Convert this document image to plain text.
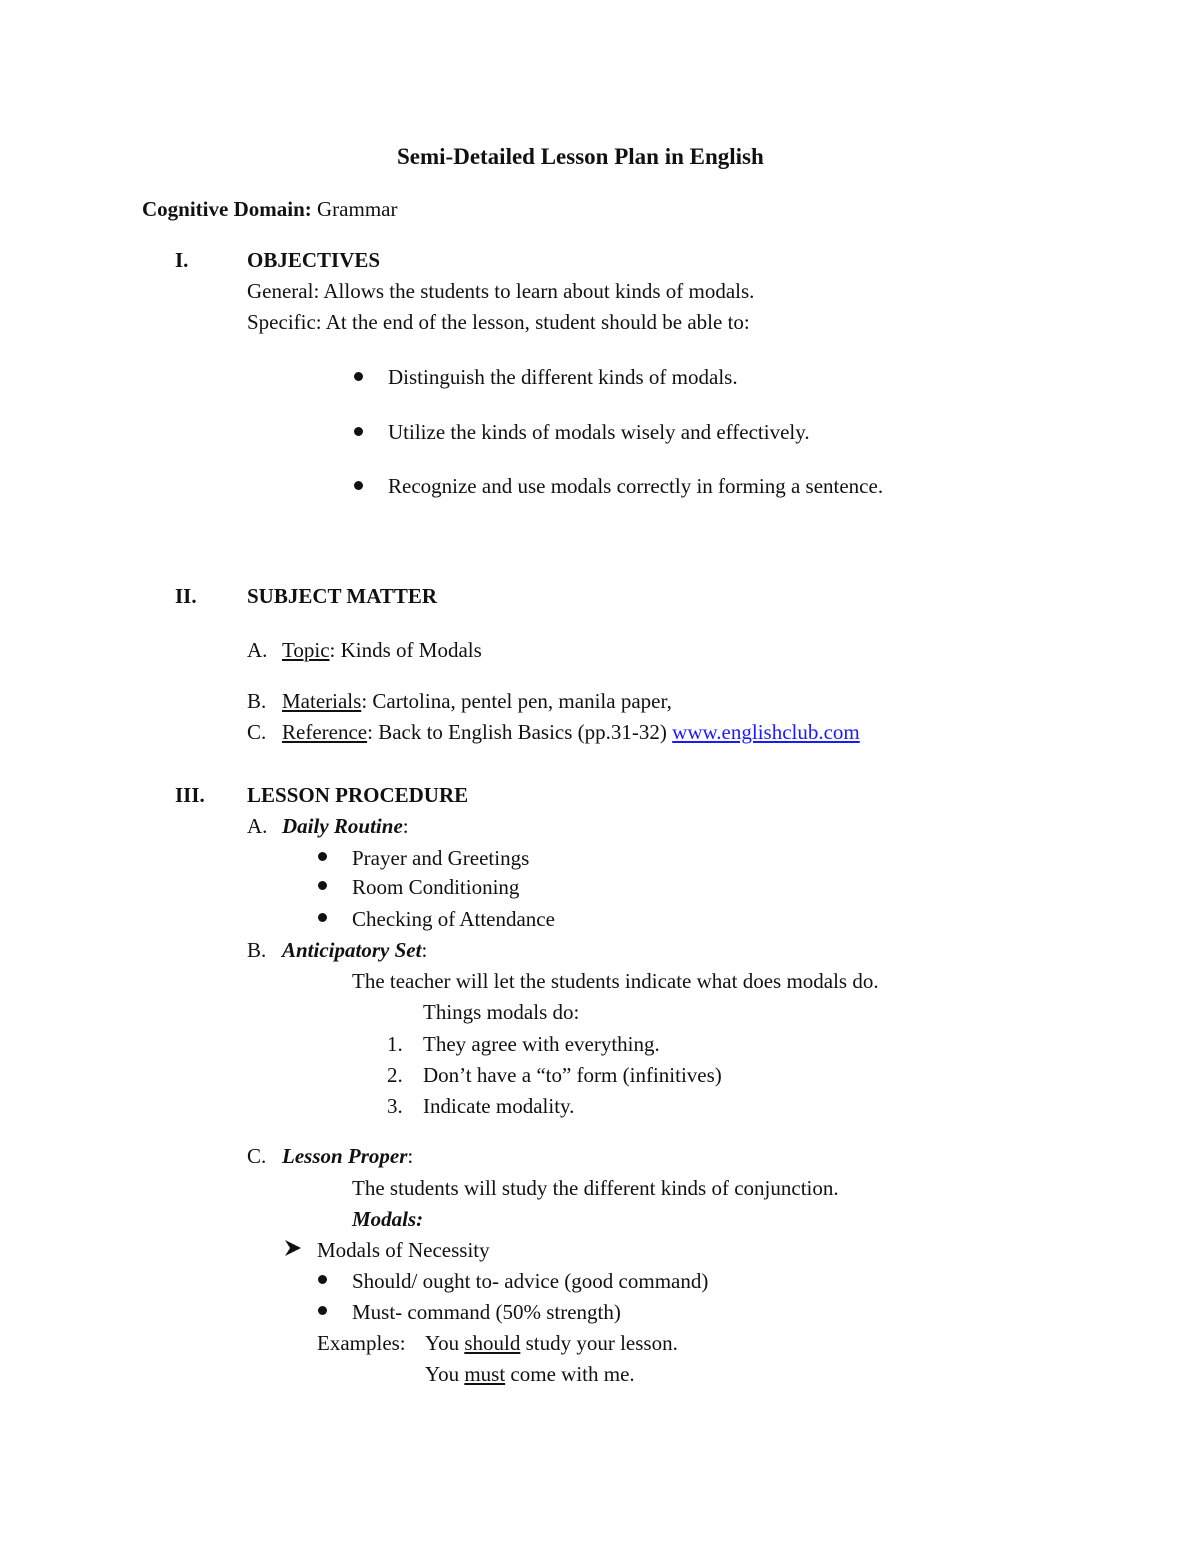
Semi-Detailed Lesson Plan in English
Cognitive Domain: Grammar
I.	OBJECTIVES
General: Allows the students to learn about kinds of modals.
Specific: At the end of the lesson, student should be able to:
Distinguish the different kinds of modals.
Utilize the kinds of modals wisely and effectively.
Recognize and use modals correctly in forming a sentence.
II. SUBJECT MATTER
A. Topic: Kinds of Modals
B. Materials: Cartolina, pentel pen, manila paper,
C. Reference: Back to English Basics (pp.31-32) www.englishclub.com
III. LESSON PROCEDURE
A. Daily Routine:
Prayer and Greetings
Room Conditioning
Checking of Attendance
B. Anticipatory Set:
The teacher will let the students indicate what does modals do.
Things modals do:
1. They agree with everything.
2. Don’t have a “to” form (infinitives)
3. Indicate modality.
C. Lesson Proper:
The students will study the different kinds of conjunction.
Modals:
Modals of Necessity
Should/ ought to- advice (good command)
Must- command (50% strength)
Examples: You should study your lesson.
You must come with me.
